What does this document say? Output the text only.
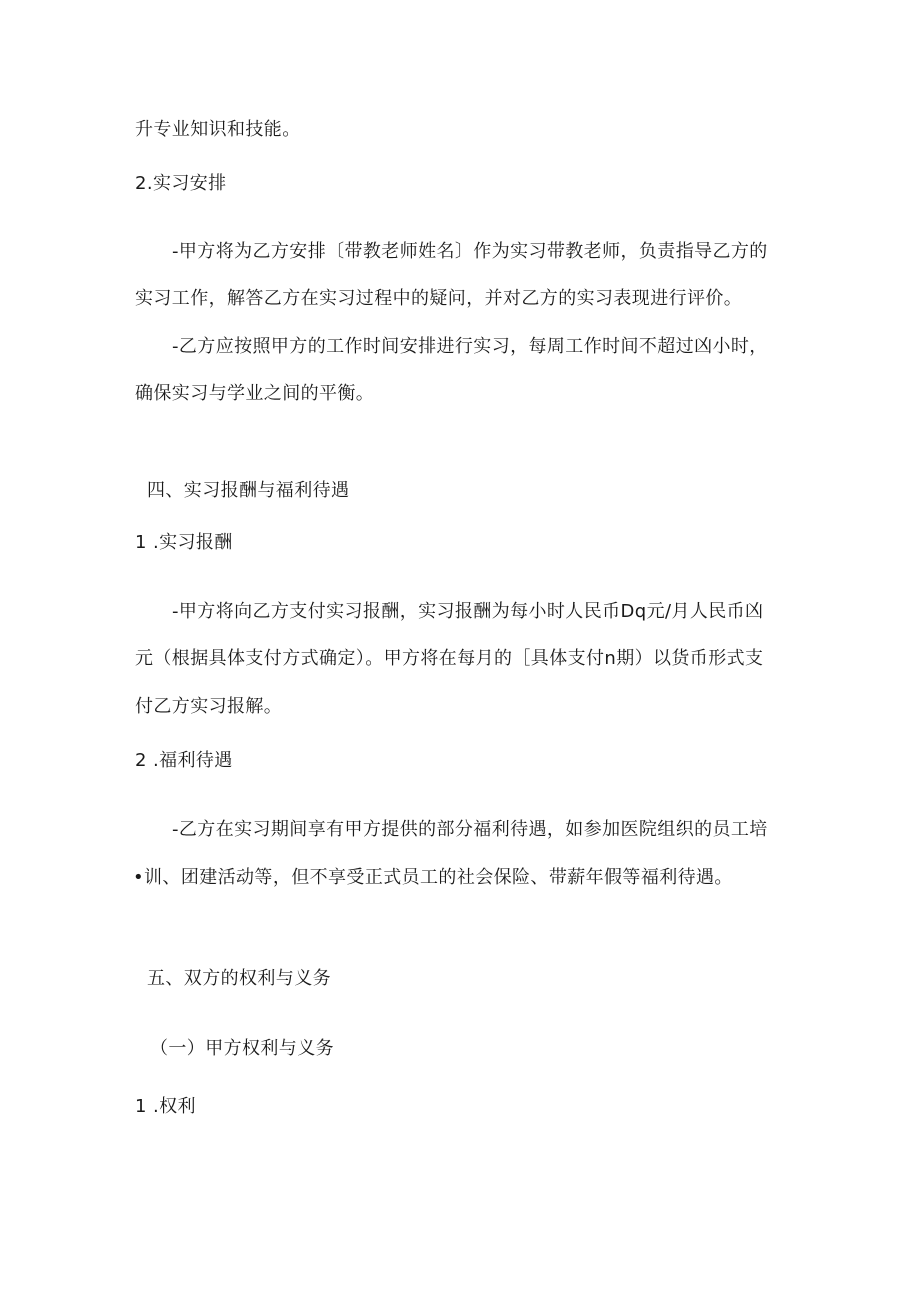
升专业知识和技能。
2.实习安排
-甲方将为乙方安排〔带教老师姓名〕作为实习带教老师，负责指导乙方的
实习工作，解答乙方在实习过程中的疑问，并对乙方的实习表现进行评价。
-乙方应按照甲方的工作时间安排进行实习，每周工作时间不超过凶小时，
确保实习与学业之间的平衡。
四、实习报酬与福利待遇
1 .实习报酬
-甲方将向乙方支付实习报酬，实习报酬为每小时人民币Dq元/月人民币凶
元（根据具体支付方式确定）。甲方将在每月的［具体支付n期）以货币形式支
付乙方实习报解。
2 .福利待遇
-乙方在实习期间享有甲方提供的部分福利待遇，如参加医院组织的员工培
•训、团建活动等，但不享受正式员工的社会保险、带薪年假等福利待遇。
五、双方的权利与义务
（一）甲方权利与义务
1 .权利
